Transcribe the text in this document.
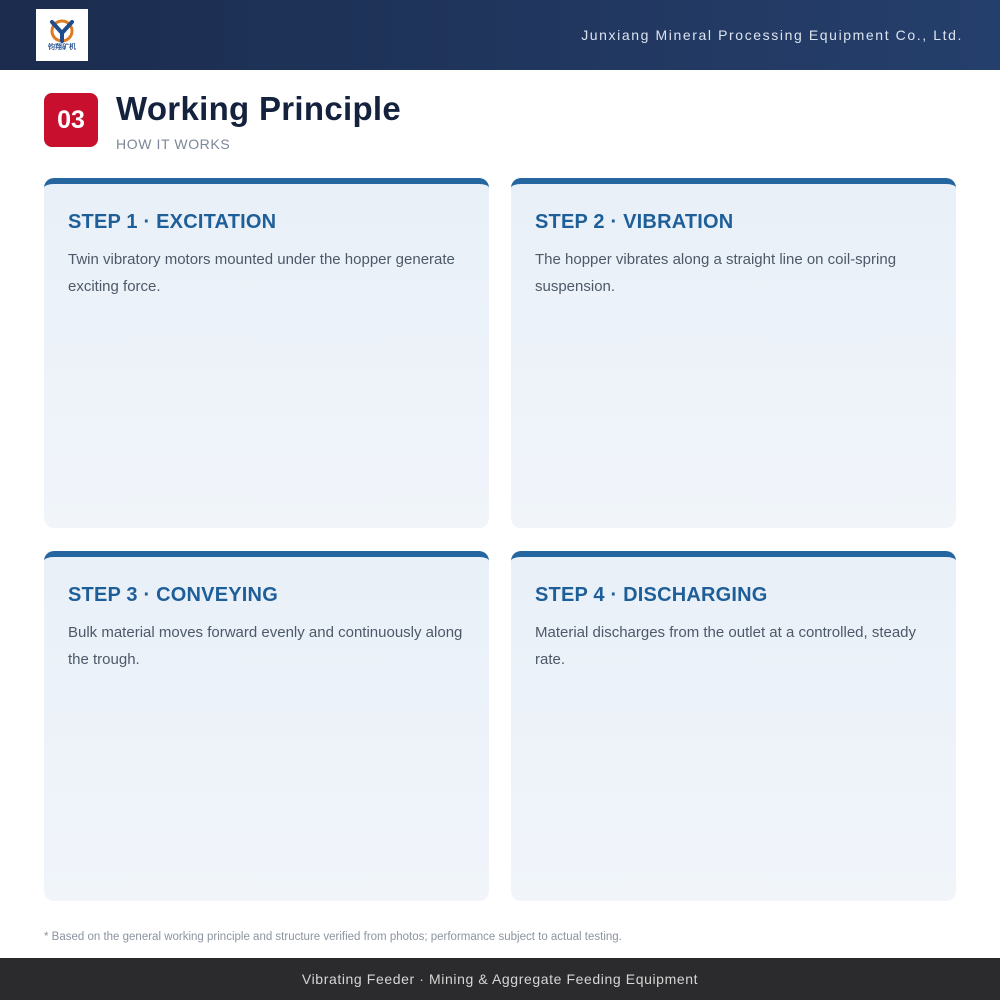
钧翔矿机
Junxiang Mineral Processing Equipment Co., Ltd.
03 Working Principle
HOW IT WORKS
STEP 1 · EXCITATION
Twin vibratory motors mounted under the hopper generate exciting force.
STEP 2 · VIBRATION
The hopper vibrates along a straight line on coil-spring suspension.
STEP 3 · CONVEYING
Bulk material moves forward evenly and continuously along the trough.
STEP 4 · DISCHARGING
Material discharges from the outlet at a controlled, steady rate.
* Based on the general working principle and structure verified from photos; performance subject to actual testing.
Vibrating Feeder · Mining & Aggregate Feeding Equipment
